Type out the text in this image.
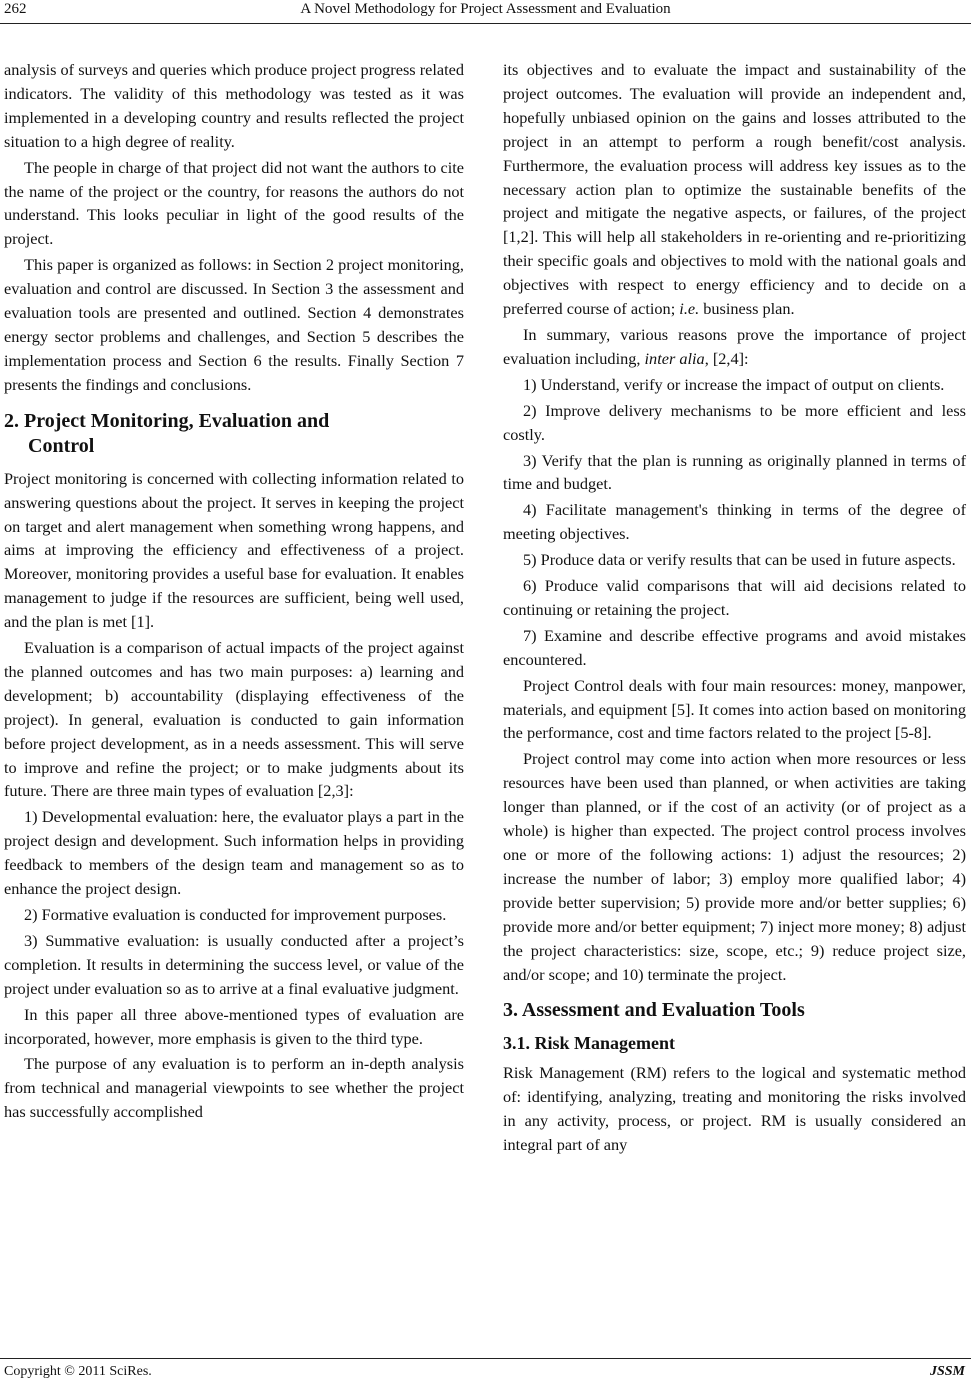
262	A Novel Methodology for Project Assessment and Evaluation

analysis of surveys and queries which produce project progress related indicators. The validity of this methodology was tested as it was implemented in a developing country and results reflected the project situation to a high degree of reality.

The people in charge of that project did not want the authors to cite the name of the project or the country, for reasons the authors do not understand. This looks peculiar in light of the good results of the project.

This paper is organized as follows: in Section 2 project monitoring, evaluation and control are discussed. In Section 3 the assessment and evaluation tools are presented and outlined. Section 4 demonstrates energy sector problems and challenges, and Section 5 describes the implementation process and Section 6 the results. Finally Section 7 presents the findings and conclusions.

2. Project Monitoring, Evaluation and
Control

Project monitoring is concerned with collecting information related to answering questions about the project. It serves in keeping the project on target and alert management when something wrong happens, and aims at improving the efficiency and effectiveness of a project. Moreover, monitoring provides a useful base for evaluation. It enables management to judge if the resources are sufficient, being well used, and the plan is met [1].

Evaluation is a comparison of actual impacts of the project against the planned outcomes and has two main purposes: a) learning and development; b) accountability (displaying effectiveness of the project). In general, evaluation is conducted to gain information before project development, as in a needs assessment. This will serve to improve and refine the project; or to make judgments about its future. There are three main types of evaluation [2,3]:

1) Developmental evaluation: here, the evaluator plays a part in the project design and development. Such information helps in providing feedback to members of the design team and management so as to enhance the project design.

2) Formative evaluation is conducted for improvement purposes.

3) Summative evaluation: is usually conducted after a project’s completion. It results in determining the success level, or value of the project under evaluation so as to arrive at a final evaluative judgment.

In this paper all three above-mentioned types of evaluation are incorporated, however, more emphasis is given to the third type.

The purpose of any evaluation is to perform an in-depth analysis from technical and managerial viewpoints to see whether the project has successfully accomplished

its objectives and to evaluate the impact and sustainability of the project outcomes. The evaluation will provide an independent and, hopefully unbiased opinion on the gains and losses attributed to the project in an attempt to perform a rough benefit/cost analysis. Furthermore, the evaluation process will address key issues as to the necessary action plan to optimize the sustainable benefits of the project and mitigate the negative aspects, or failures, of the project [1,2]. This will help all stakeholders in re-orienting and re-prioritizing their specific goals and objectives to mold with the national goals and objectives with respect to energy efficiency and to decide on a preferred course of action; i.e. business plan.

In summary, various reasons prove the importance of project evaluation including, inter alia, [2,4]:

1) Understand, verify or increase the impact of output on clients.

2) Improve delivery mechanisms to be more efficient and less costly.

3) Verify that the plan is running as originally planned in terms of time and budget.

4) Facilitate management's thinking in terms of the degree of meeting objectives.

5) Produce data or verify results that can be used in future aspects.

6) Produce valid comparisons that will aid decisions related to continuing or retaining the project.

7) Examine and describe effective programs and avoid mistakes encountered.

Project Control deals with four main resources: money, manpower, materials, and equipment [5]. It comes into action based on monitoring the performance, cost and time factors related to the project [5-8].

Project control may come into action when more resources or less resources have been used than planned, or when activities are taking longer than planned, or if the cost of an activity (or of project as a whole) is higher than expected. The project control process involves one or more of the following actions: 1) adjust the resources; 2) increase the number of labor; 3) employ more qualified labor; 4) provide better supervision; 5) provide more and/or better supplies; 6) provide more and/or better equipment; 7) inject more money; 8) adjust the project characteristics: size, scope, etc.; 9) reduce project size, and/or scope; and 10) terminate the project.

3. Assessment and Evaluation Tools
3.1. Risk Management

Risk Management (RM) refers to the logical and systematic method of: identifying, analyzing, treating and monitoring the risks involved in any activity, process, or project. RM is usually considered an integral part of any

Copyright © 2011 SciRes.	JSSM
